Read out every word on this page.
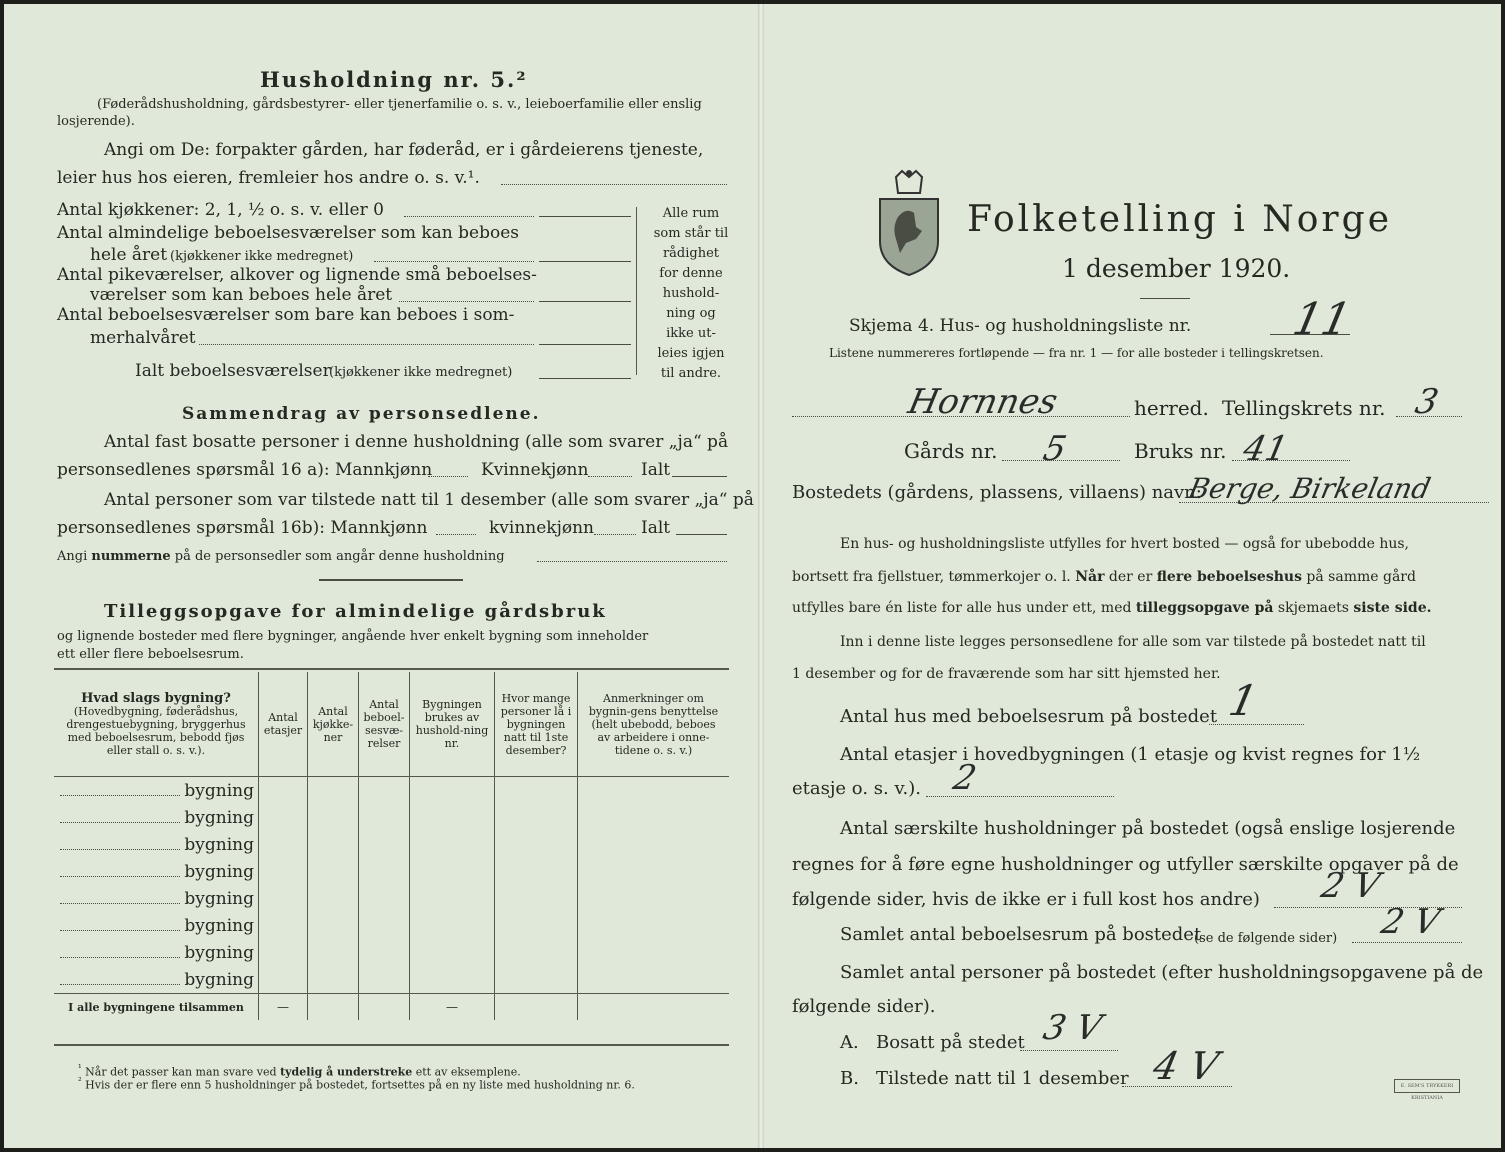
Husholdning nr. 5.²
(Føderådshusholdning, gårdsbestyrer- eller tjenerfamilie o. s. v., leieboerfamilie eller enslig losjerende).
Angi om De: forpakter gården, har føderåd, er i gårdeierens tjeneste,
leier hus hos eieren, fremleier hos andre o. s. v.¹.
Antal kjøkkener: 2, 1, ½ o. s. v. eller 0
Antal almindelige beboelsesværelser som kan beboes
hele året (kjøkkener ikke medregnet)
Antal pikeværelser, alkover og lignende små beboelses-
værelser som kan beboes hele året
Antal beboelsesværelser som bare kan beboes i som-
merhalvåret
Ialt beboelsesværelser
(kjøkkener ikke medregnet)
Alle rum
som står til
rådighet
for denne
hushold-
ning og
ikke ut-
leies igjen
til andre.
Sammendrag av personsedlene.
Antal fast bosatte personer i denne husholdning (alle som svarer „ja“ på
personsedlenes spørsmål 16 a): Mannkjønn	Kvinnekjønn	Ialt
Antal personer som var tilstede natt til 1 desember (alle som svarer „ja“ på
personsedlenes spørsmål 16b): Mannkjønn	kvinnekjønn	Ialt
Angi nummerne på de personsedler som angår denne husholdning
Tilleggsopgave for almindelige gårdsbruk
og lignende bosteder med flere bygninger, angående hver enkelt bygning som inneholder
ett eller flere beboelsesrum.
Hvad slags bygning?
(Hovedbygning, føderådshus, drengestuebygning, bryggerhus med beboelsesrum, bebodd fjøs eller stall o. s. v.).	Antal etasjer	Antal kjøkke-ner	Antal beboel-sesvæ-relser	Bygningen brukes av hushold-ning nr.	Hvor mange personer lå i bygningen natt til 1ste desember?	Anmerkninger om bygnin-gens benyttelse (helt ubebodd, beboes av arbeidere i onne-tidene o. s. v.)
bygning						
bygning						
bygning						
bygning						
bygning						
bygning						
bygning						
bygning						
I alle bygningene tilsammen	—			—		
$^{^1}$ Når det passer kan man svare ved tydelig å understreke ett av eksemplene.
$^{^2}$ Hvis der er flere enn 5 husholdninger på bostedet, fortsettes på en ny liste med husholdning nr. 6.
Folketelling i Norge
1 desember 1920.
Skjema 4. Hus- og husholdningsliste nr. 11
Listene nummereres fortløpende — fra nr. 1 — for alle bosteder i tellingskretsen.
Hornnes	herred. Tellingskrets nr. 3
Gårds nr. 5	Bruks nr. 41
Bostedets (gårdens, plassens, villaens) navn:
Berge, Birkeland
En hus- og husholdningsliste utfylles for hvert bosted — også for ubebodde hus,
bortsett fra fjellstuer, tømmerkojer o. l. Når der er flere beboelseshus på samme gård
utfylles bare én liste for alle hus under ett, med tilleggsopgave på skjemaets siste side.
Inn i denne liste legges personsedlene for alle som var tilstede på bostedet natt til
1 desember og for de fraværende som har sitt hjemsted her.
Antal hus med beboelsesrum på bostedet 1
Antal etasjer i hovedbygningen (1 etasje og kvist regnes for 1½
etasje o. s. v.). 2
Antal særskilte husholdninger på bostedet (også enslige losjerende
regnes for å føre egne husholdninger og utfyller særskilte opgaver på de
følgende sider, hvis de ikke er i full kost hos andre) 2 V
Samlet antal beboelsesrum på bostedet
(se de følgende sider) 2 V
Samlet antal personer på bostedet (efter husholdningsopgavene på de
følgende sider).
A. Bosatt på stedet 3 V
B. Tilstede natt til 1 desember 4 V	E. SEM'S TRYKKERI KRISTIANIA
